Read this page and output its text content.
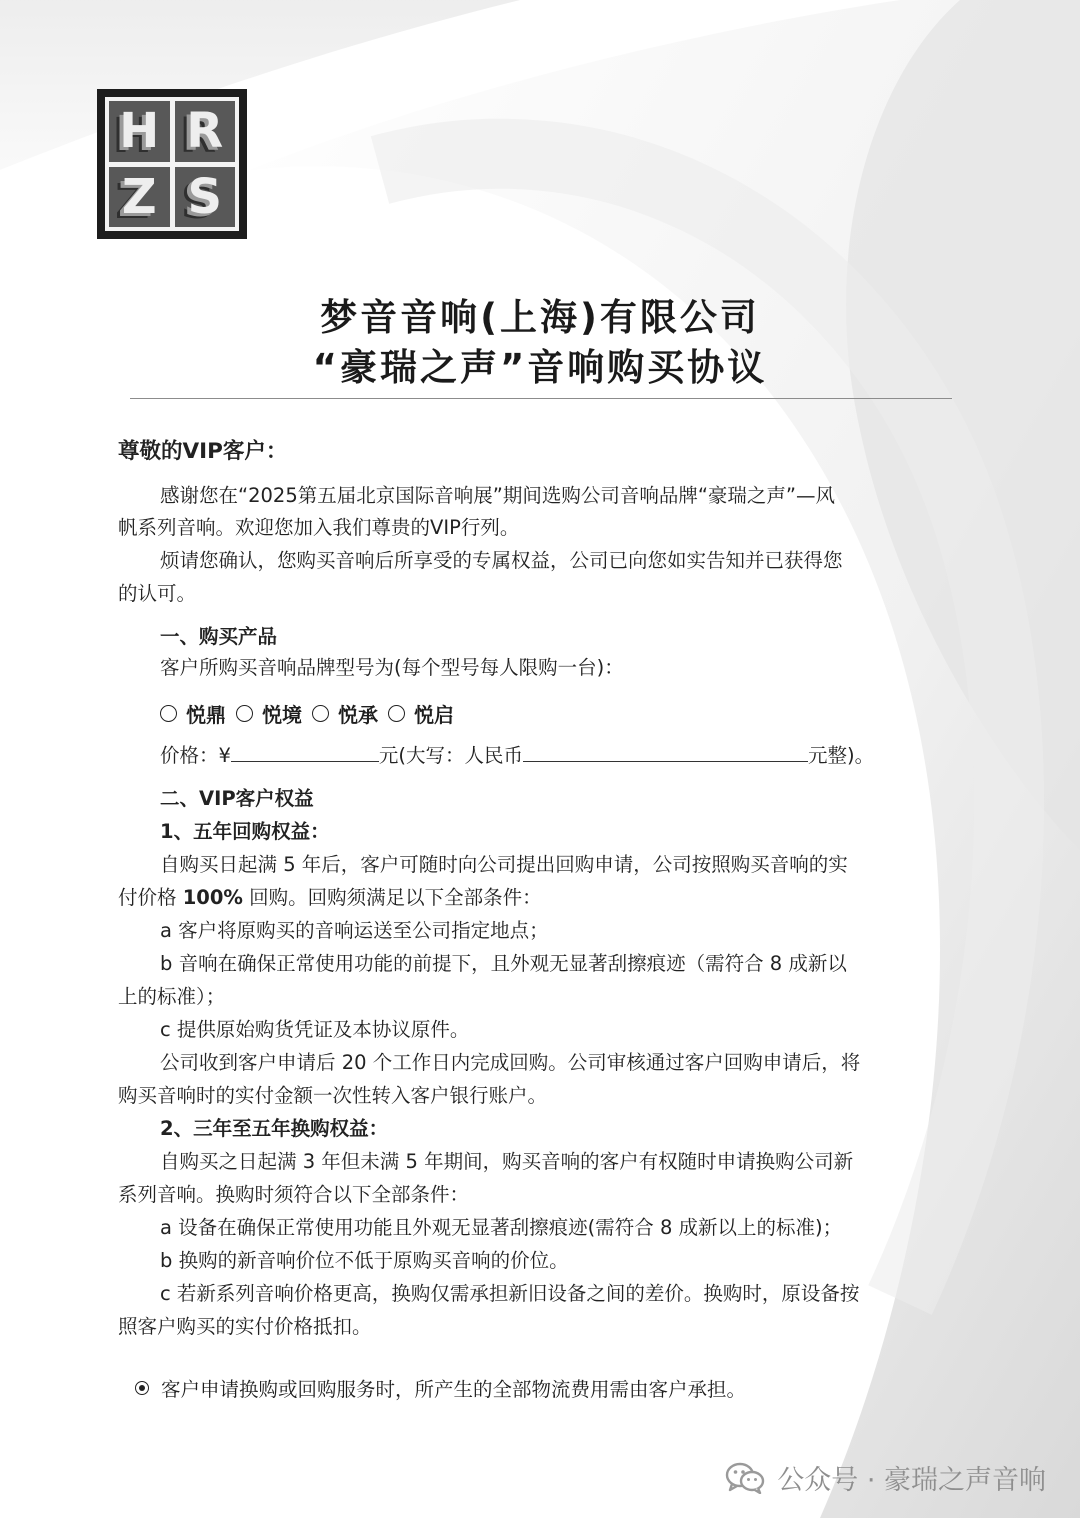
H R
Z S
梦音音响(上海)有限公司
“豪瑞之声”音响购买协议
尊敬的VIP客户：
感谢您在“2025第五届北京国际音响展”期间选购公司音响品牌“豪瑞之声”—风
帆系列音响。欢迎您加入我们尊贵的VIP行列。
烦请您确认，您购买音响后所享受的专属权益，公司已向您如实告知并已获得您
的认可。
一、购买产品
客户所购买音响品牌型号为(每个型号每人限购一台)：
悦鼎 悦境 悦承 悦启
价格：¥	元(大写：人民币	元整)。
二、VIP客户权益
1、五年回购权益：
自购买日起满 5 年后，客户可随时向公司提出回购申请，公司按照购买音响的实
付价格 100% 回购。回购须满足以下全部条件：
a 客户将原购买的音响运送至公司指定地点；
b 音响在确保正常使用功能的前提下，且外观无显著刮擦痕迹（需符合 8 成新以
上的标准）；
c 提供原始购货凭证及本协议原件。
公司收到客户申请后 20 个工作日内完成回购。公司审核通过客户回购申请后，将
购买音响时的实付金额一次性转入客户银行账户。
2、三年至五年换购权益：
自购买之日起满 3 年但未满 5 年期间，购买音响的客户有权随时申请换购公司新
系列音响。换购时须符合以下全部条件：
a 设备在确保正常使用功能且外观无显著刮擦痕迹(需符合 8 成新以上的标准)；
b 换购的新音响价位不低于原购买音响的价位。
c 若新系列音响价格更高，换购仅需承担新旧设备之间的差价。换购时，原设备按
照客户购买的实付价格抵扣。
客户申请换购或回购服务时，所产生的全部物流费用需由客户承担。
公众号 · 豪瑞之声音响
